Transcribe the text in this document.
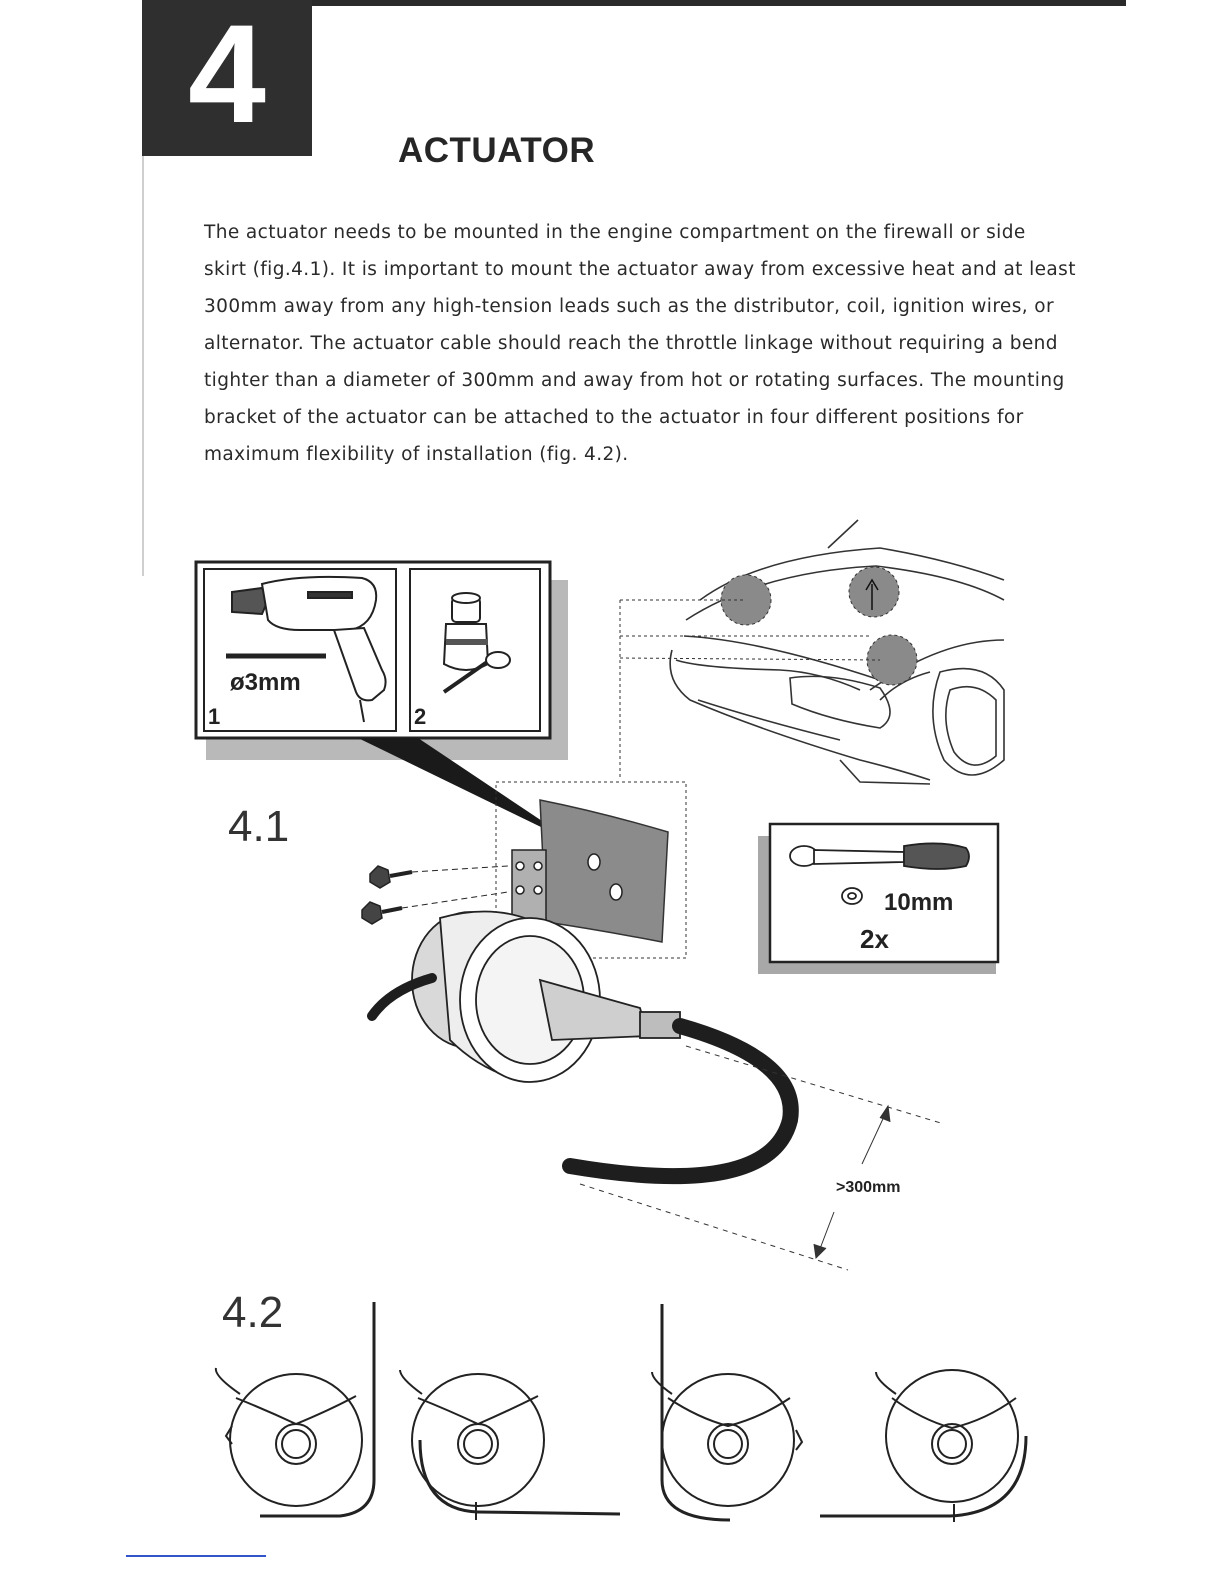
4	ACTUATOR
The actuator needs to be mounted in the engine compartment on the firewall or side
skirt (fig.4.1). It is important to mount the actuator away from excessive heat and at least
300mm away from any high-tension leads such as the distributor, coil, ignition wires, or
alternator. The actuator cable should reach the throttle linkage without requiring a bend
tighter than a diameter of 300mm and away from hot or rotating surfaces. The mounting
bracket of the actuator can be attached to the actuator in four different positions for
maximum flexibility of installation (fig. 4.2).
4.1
4.2
ø3mm
1	2
>300mm
10mm
2x
